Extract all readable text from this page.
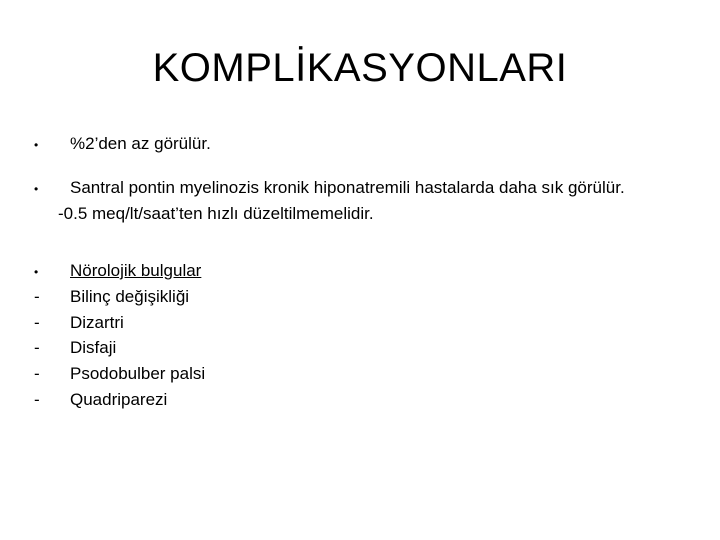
KOMPLİKASYONLARI
•	%2’den az görülür.
•	Santral pontin myelinozis kronik hiponatremili hastalarda daha sık görülür.
-0.5 meq/lt/saat’ten hızlı düzeltilmemelidir.
•	Nörolojik bulgular
-	Bilinç değişikliği
-	Dizartri
-	Disfaji
-	Psodobulber palsi
-	Quadriparezi
